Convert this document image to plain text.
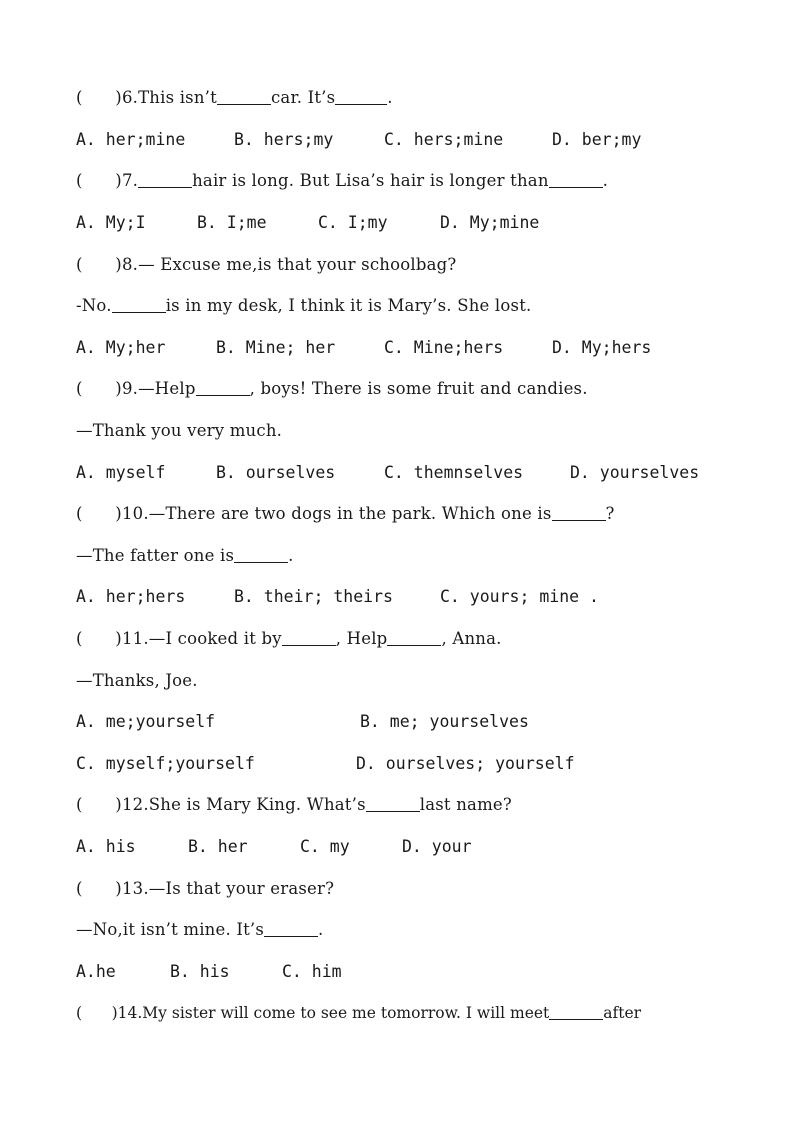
(      )6.This isn’t	car. It’s	.
A. her;mine	B. hers;my	C. hers;mine	D. ber;my
(      )7.	hair is long. But Lisa’s hair is longer than	.
A. My;I	B. I;me	C. I;my	D. My;mine
(      )8.— Excuse me,is that your schoolbag?
-No.	is in my desk, I think it is Mary’s. She lost.
A. My;her	B. Mine; her	C. Mine;hers	D. My;hers
(      )9.—Help	, boys! There is some fruit and candies.
—Thank you very much.
A. myself	B. ourselves	C. themnselves	D. yourselves
(      )10.—There are two dogs in the park. Which one is	?
—The fatter one is	.
A. her;hers	B. their; theirs	C. yours; mine .
(      )11.—I cooked it by	, Help	, Anna.
—Thanks, Joe.
A. me;yourself	B. me; yourselves
C. myself;yourself	D. ourselves; yourself
(      )12.She is Mary King. What’s	last name?
A. his	B. her	C. my	D. your
(      )13.—Is that your eraser?
—No,it isn’t mine. It’s	.
A.he	B. his	C. him
(      )14.My sister will come to see me tomorrow. I will meet	after
